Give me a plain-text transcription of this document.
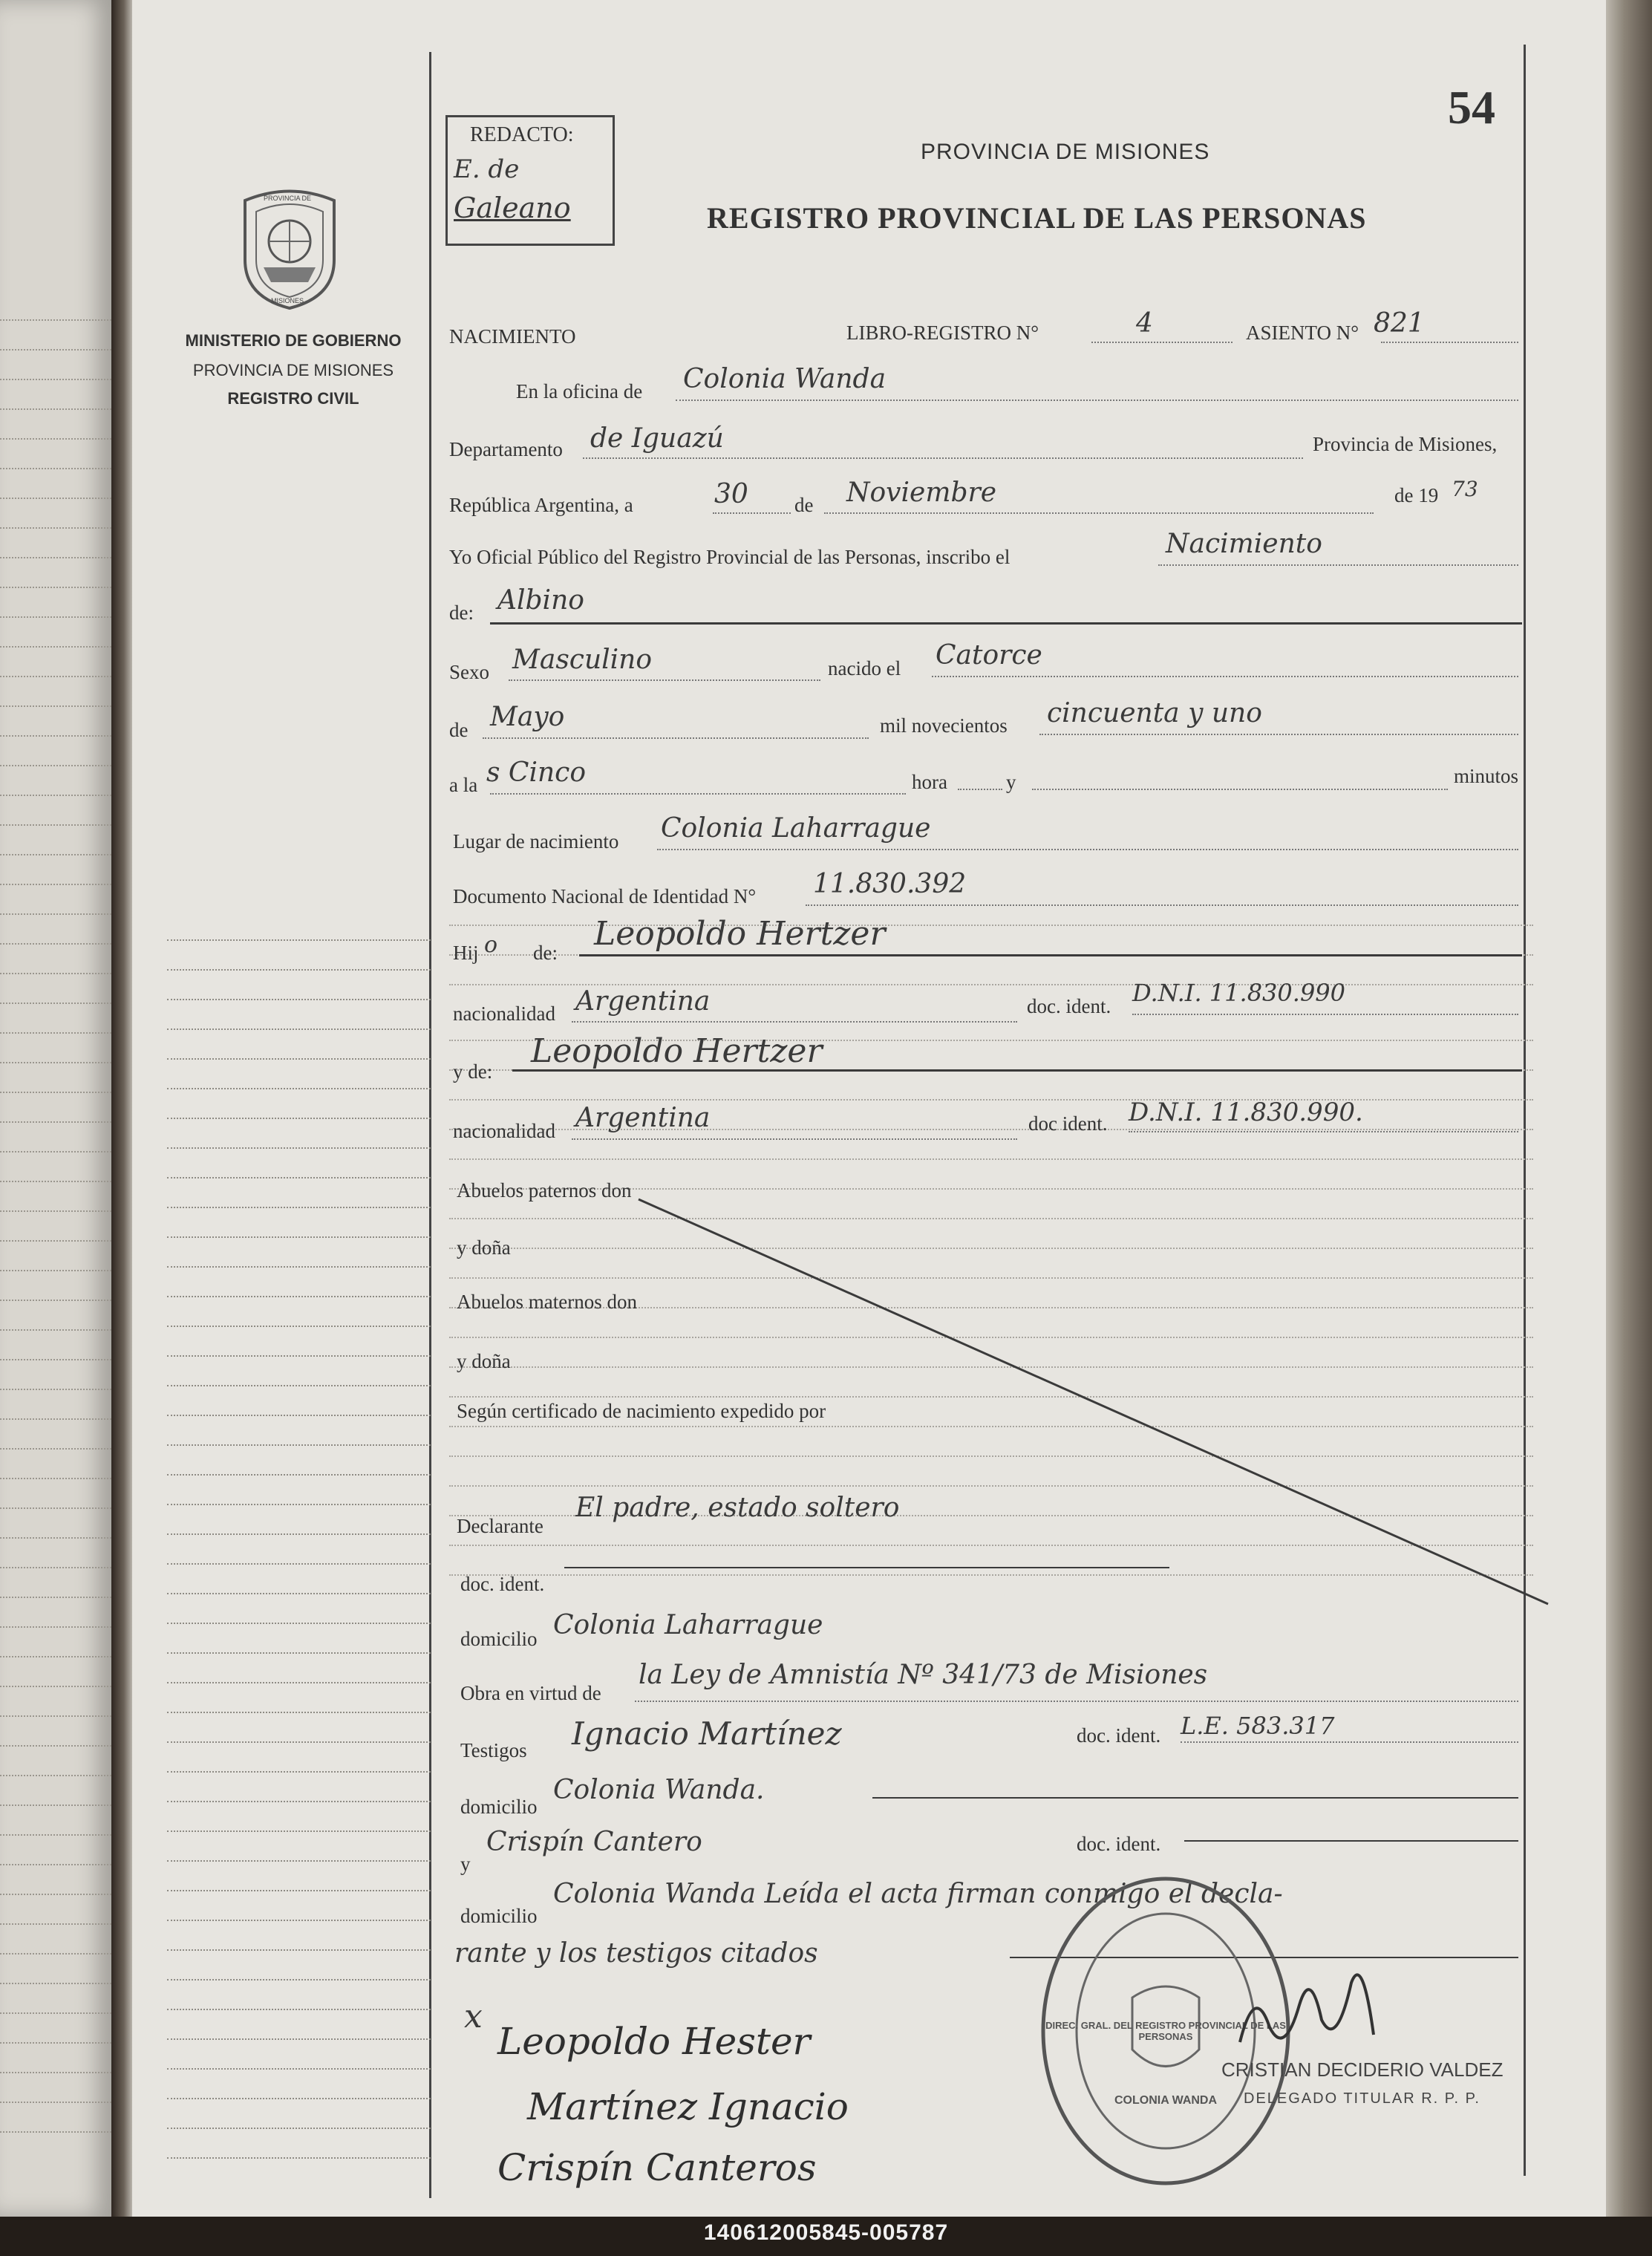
54
REDACTO:
E. de
Galeano
PROVINCIA DE MISIONES
REGISTRO PROVINCIAL DE LAS PERSONAS
PROVINCIA DE
MISIONES
MINISTERIO DE GOBIERNO
PROVINCIA DE MISIONES
REGISTRO CIVIL
NACIMIENTO	LIBRO-REGISTRO N°	4	ASIENTO N° 821
En la oficina de Colonia Wanda
Departamento de Iguazú	Provincia de Misiones,
República Argentina, a	30 de Noviembre	de 19 73
Yo Oficial Público del Registro Provincial de las Personas, inscribo el	Nacimiento
de: Albino
Sexo Masculino	nacido el Catorce
de Mayo	mil novecientos cincuenta y uno
a la s Cinco	hora	y	minutos
Lugar de nacimiento Colonia Laharrague
Documento Nacional de Identidad N° 11.830.392
Hij o de: Leopoldo Hertzer
nacionalidad Argentina	doc. ident. D.N.I. 11.830.990
y de:
Leopoldo Hertzer
nacionalidad Argentina	doc ident. D.N.I. 11.830.990.
Abuelos paternos don
y doña
Abuelos maternos don
y doña
Según certificado de nacimiento expedido por
Declarante
El padre, estado soltero
doc. ident.
domicilio Colonia Laharrague
Obra en virtud de
la Ley de Amnistía Nº 341/73 de Misiones
Testigos Ignacio Martínez	doc. ident. L.E. 583.317
domicilio
Colonia Wanda.
y
Crispín Cantero	doc. ident.
domicilio
Colonia Wanda Leída el acta firman conmigo el decla-
rante y los testigos citados
x
Leopoldo Hester
Martínez Ignacio
Crispín Canteros
DIREC. GRAL. DEL REGISTRO PROVINCIAL DE LAS PERSONAS
COLONIA WANDA
CRISTIAN DECIDERIO VALDEZ
DELEGADO TITULAR R. P. P.
140612005845-005787
